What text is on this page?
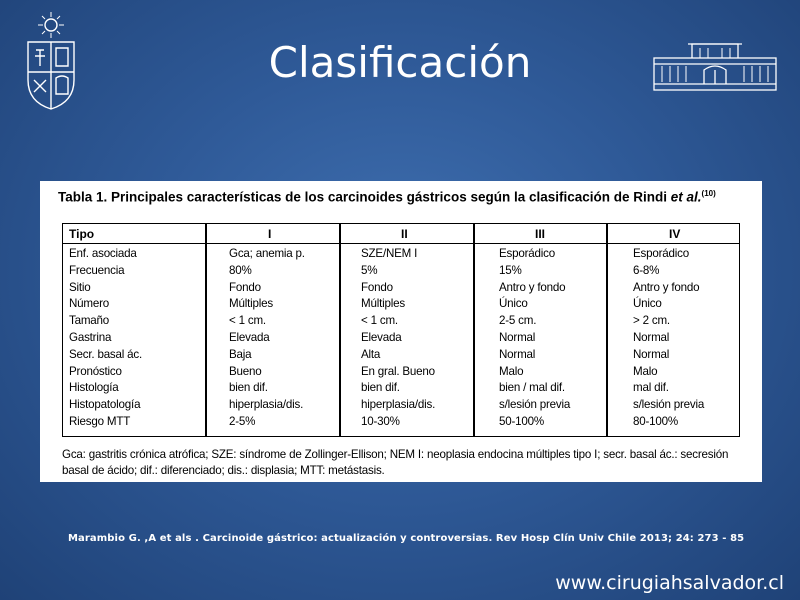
Clasificación
Tabla 1. Principales características de los carcinoides gástricos según la clasificación de Rindi et al.$^{(10)}$
Tipo	I	II	III	IV
Enf. asociada	Gca; anemia p.	SZE/NEM I	Esporádico	Esporádico
Frecuencia	80%	5%	15%	6-8%
Sitio	Fondo	Fondo	Antro y fondo	Antro y fondo
Número	Múltiples	Múltiples	Único	Único
Tamaño	< 1 cm.	< 1 cm.	2-5 cm.	> 2 cm.
Gastrina	Elevada	Elevada	Normal	Normal
Secr. basal ác.	Baja	Alta	Normal	Normal
Pronóstico	Bueno	En gral. Bueno	Malo	Malo
Histología	bien dif.	bien dif.	bien / mal dif.	mal dif.
Histopatología	hiperplasia/dis.	hiperplasia/dis.	s/lesión previa	s/lesión previa
Riesgo MTT	2-5%	10-30%	50-100%	80-100%
Gca: gastritis crónica atrófica; SZE: síndrome de Zollinger-Ellison; NEM I: neoplasia endocina múltiples tipo I; secr. basal ác.: secresión basal de ácido; dif.: diferenciado; dis.: displasia; MTT: metástasis.
Marambio G. ,A et als . Carcinoide gástrico: actualización y controversias. Rev Hosp Clín Univ Chile 2013; 24: 273 - 85
www.cirugiahsalvador.cl
